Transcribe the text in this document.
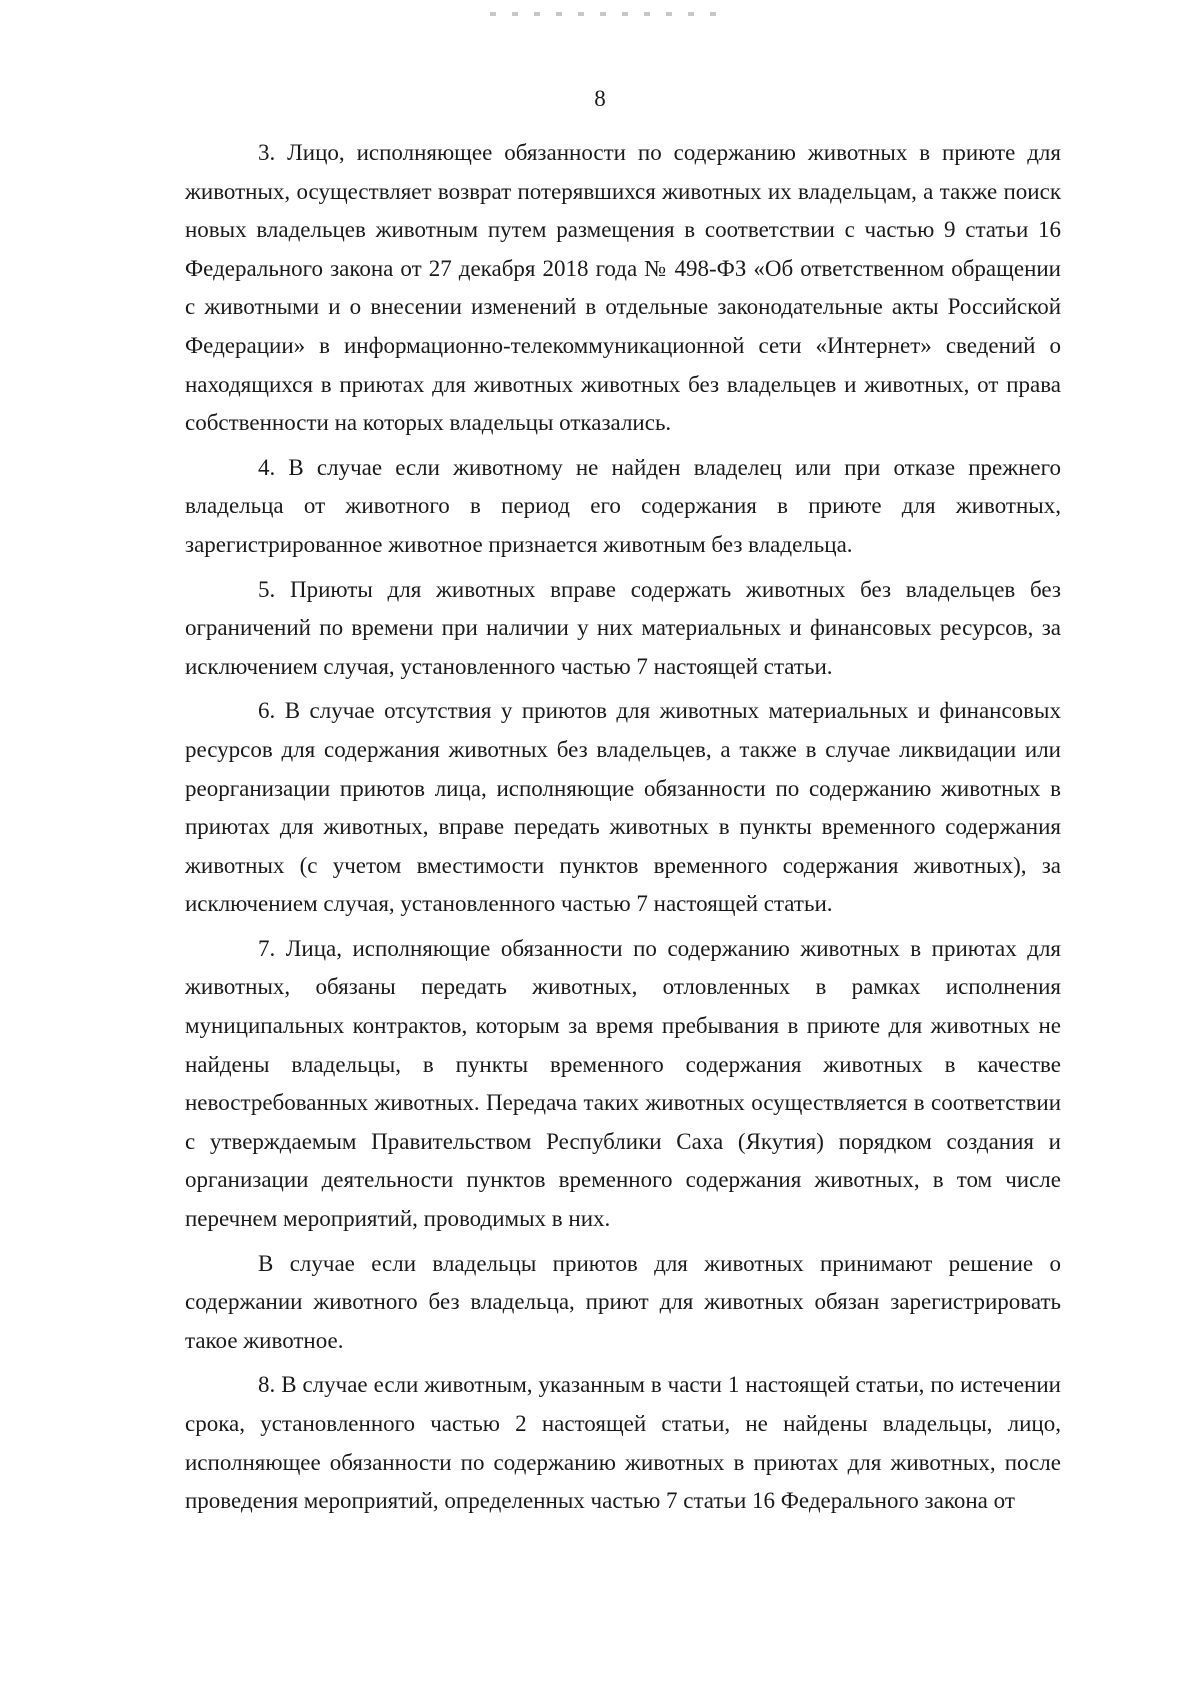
8

3. Лицо, исполняющее обязанности по содержанию животных в приюте для животных, осуществляет возврат потерявшихся животных их владельцам, а также поиск новых владельцев животным путем размещения в соответствии с частью 9 статьи 16 Федерального закона от 27 декабря 2018 года № 498-ФЗ «Об ответственном обращении с животными и о внесении изменений в отдельные законодательные акты Российской Федерации» в информационно-телекоммуникационной сети «Интернет» сведений о находящихся в приютах для животных животных без владельцев и животных, от права собственности на которых владельцы отказались.

4. В случае если животному не найден владелец или при отказе прежнего владельца от животного в период его содержания в приюте для животных, зарегистрированное животное признается животным без владельца.

5. Приюты для животных вправе содержать животных без владельцев без ограничений по времени при наличии у них материальных и финансовых ресурсов, за исключением случая, установленного частью 7 настоящей статьи.

6. В случае отсутствия у приютов для животных материальных и финансовых ресурсов для содержания животных без владельцев, а также в случае ликвидации или реорганизации приютов лица, исполняющие обязанности по содержанию животных в приютах для животных, вправе передать животных в пункты временного содержания животных (с учетом вместимости пунктов временного содержания животных), за исключением случая, установленного частью 7 настоящей статьи.

7. Лица, исполняющие обязанности по содержанию животных в приютах для животных, обязаны передать животных, отловленных в рамках исполнения муниципальных контрактов, которым за время пребывания в приюте для животных не найдены владельцы, в пункты временного содержания животных в качестве невостребованных животных. Передача таких животных осуществляется в соответствии с утверждаемым Правительством Республики Саха (Якутия) порядком создания и организации деятельности пунктов временного содержания животных, в том числе перечнем мероприятий, проводимых в них.

В случае если владельцы приютов для животных принимают решение о содержании животного без владельца, приют для животных обязан зарегистрировать такое животное.

8. В случае если животным, указанным в части 1 настоящей статьи, по истечении срока, установленного частью 2 настоящей статьи, не найдены владельцы, лицо, исполняющее обязанности по содержанию животных в приютах для животных, после проведения мероприятий, определенных частью 7 статьи 16 Федерального закона от
